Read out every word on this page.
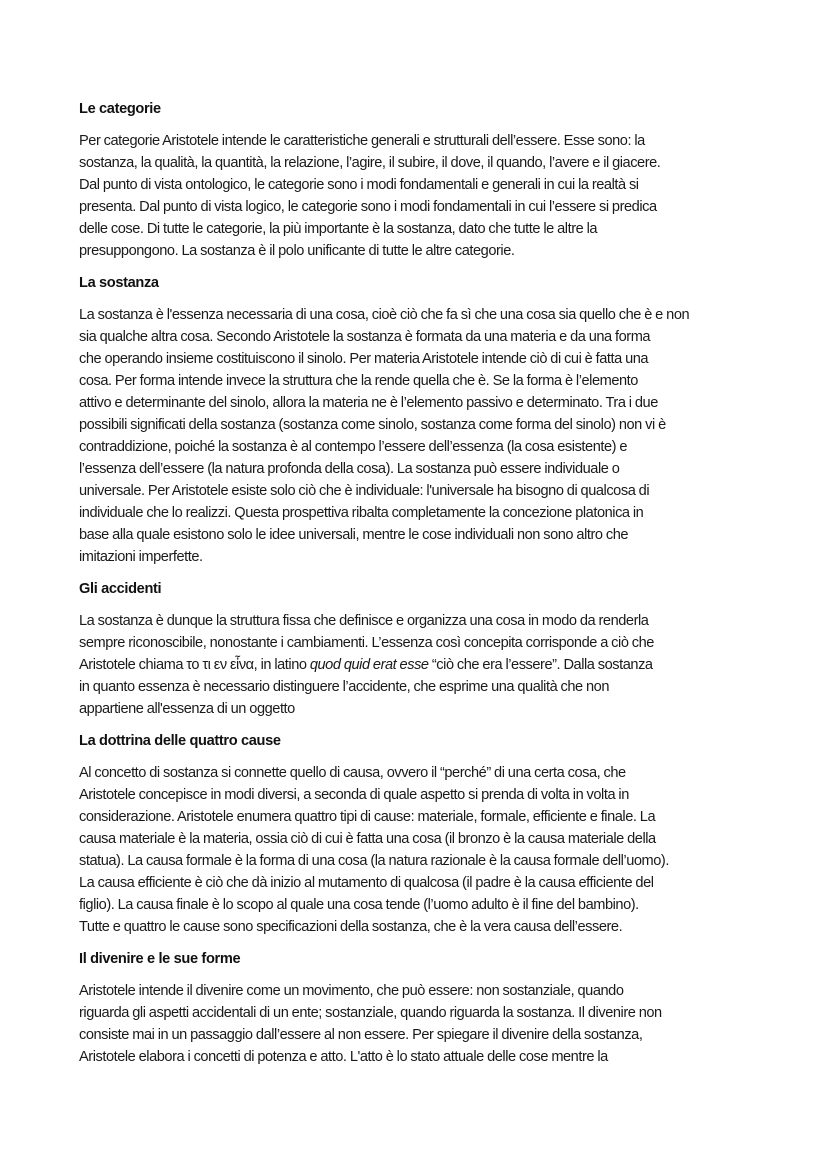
Le categorie

Per categorie Aristotele intende le caratteristiche generali e strutturali dell’essere. Esse sono: la
sostanza, la qualità, la quantità, la relazione, l’agire, il subire, il dove, il quando, l’avere e il giacere.
Dal punto di vista ontologico, le categorie sono i modi fondamentali e generali in cui la realtà si
presenta. Dal punto di vista logico, le categorie sono i modi fondamentali in cui l’essere si predica
delle cose. Di tutte le categorie, la più importante è la sostanza, dato che tutte le altre la
presuppongono. La sostanza è il polo unificante di tutte le altre categorie.

La sostanza

La sostanza è l'essenza necessaria di una cosa, cioè ciò che fa sì che una cosa sia quello che è e non
sia qualche altra cosa. Secondo Aristotele la sostanza è formata da una materia e da una forma
che operando insieme costituiscono il sinolo. Per materia Aristotele intende ciò di cui è fatta una
cosa. Per forma intende invece la struttura che la rende quella che è. Se la forma è l’elemento
attivo e determinante del sinolo, allora la materia ne è l’elemento passivo e determinato. Tra i due
possibili significati della sostanza (sostanza come sinolo, sostanza come forma del sinolo) non vi è
contraddizione, poiché la sostanza è al contempo l’essere dell’essenza (la cosa esistente) e
l’essenza dell’essere (la natura profonda della cosa). La sostanza può essere individuale o
universale. Per Aristotele esiste solo ciò che è individuale: l'universale ha bisogno di qualcosa di
individuale che lo realizzi. Questa prospettiva ribalta completamente la concezione platonica in
base alla quale esistono solo le idee universali, mentre le cose individuali non sono altro che
imitazioni imperfette.

Gli accidenti

La sostanza è dunque la struttura fissa che definisce e organizza una cosa in modo da renderla
sempre riconoscibile, nonostante i cambiamenti. L’essenza così concepita corrisponde a ciò che
Aristotele chiama το τι εν εἶνα, in latino quod quid erat esse “ciò che era l’essere”. Dalla sostanza
in quanto essenza è necessario distinguere l’accidente, che esprime una qualità che non
appartiene all'essenza di un oggetto

La dottrina delle quattro cause

Al concetto di sostanza si connette quello di causa, ovvero il “perché” di una certa cosa, che
Aristotele concepisce in modi diversi, a seconda di quale aspetto si prenda di volta in volta in
considerazione. Aristotele enumera quattro tipi di cause: materiale, formale, efficiente e finale. La
causa materiale è la materia, ossia ciò di cui è fatta una cosa (il bronzo è la causa materiale della
statua). La causa formale è la forma di una cosa (la natura razionale è la causa formale dell’uomo).
La causa efficiente è ciò che dà inizio al mutamento di qualcosa (il padre è la causa efficiente del
figlio). La causa finale è lo scopo al quale una cosa tende (l’uomo adulto è il fine del bambino).
Tutte e quattro le cause sono specificazioni della sostanza, che è la vera causa dell’essere.

Il divenire e le sue forme

Aristotele intende il divenire come un movimento, che può essere: non sostanziale, quando
riguarda gli aspetti accidentali di un ente; sostanziale, quando riguarda la sostanza. Il divenire non
consiste mai in un passaggio dall’essere al non essere. Per spiegare il divenire della sostanza,
Aristotele elabora i concetti di potenza e atto. L'atto è lo stato attuale delle cose mentre la
